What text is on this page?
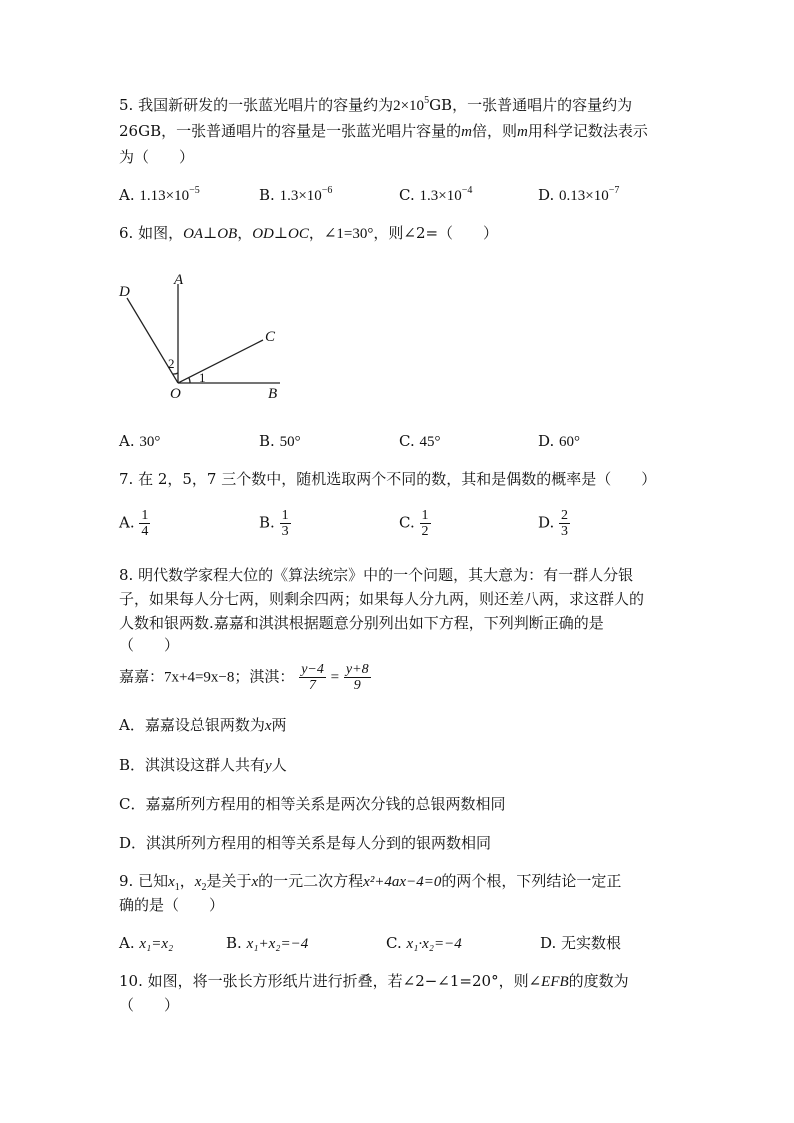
5. 我国新研发的一张蓝光唱片的容量约为$2\times 10^5GB$，一张普通唱片的容量约为
26GB，一张普通唱片的容量是一张蓝光唱片容量的m倍，则m用科学记数法表示
为（　　）
A. $1.13\times 10^{-5}$	B. $1.3\times 10^{-6}$	C. $1.3\times 10^{-4}$	D. $0.13\times 10^{-7}$
6. 如图，OA⊥OB，OD⊥OC，∠1=30°，则∠2=（　　）
D
A
C
O	B
1
2
A. 30°	B. 50°	C. 45°	D. 60°
7. 在 2，5，7 三个数中，随机选取两个不同的数，其和是偶数的概率是（　　）
A. $\frac{1}{4}$	B. $\frac{1}{3}$	C. $\frac{1}{2}$	D. $\frac{2}{3}$
8. 明代数学家程大位的《算法统宗》中的一个问题，其大意为：有一群人分银
子，如果每人分七两，则剩余四两；如果每人分九两，则还差八两，求这群人的
人数和银两数.嘉嘉和淇淇根据题意分别列出如下方程，下列判断正确的是
（　　）
嘉嘉：7x+4=9x−8；淇淇： $\frac{y-4}{7} = \frac{y+8}{9}$
A．嘉嘉设总银两数为x两
B．淇淇设这群人共有y人
C．嘉嘉所列方程用的相等关系是两次分钱的总银两数相同
D．淇淇所列方程用的相等关系是每人分到的银两数相同
9. 已知$x_1$，$x_2$是关于x的一元二次方程x²+4ax−4=0的两个根，下列结论一定正
确的是（　　）
A. x₁=x₂	B. x₁+x₂=−4	C. x₁·x₂=−4	D. 无实数根
10. 如图，将一张长方形纸片进行折叠，若∠2−∠1=20°，则∠EFB的度数为
（　　）
